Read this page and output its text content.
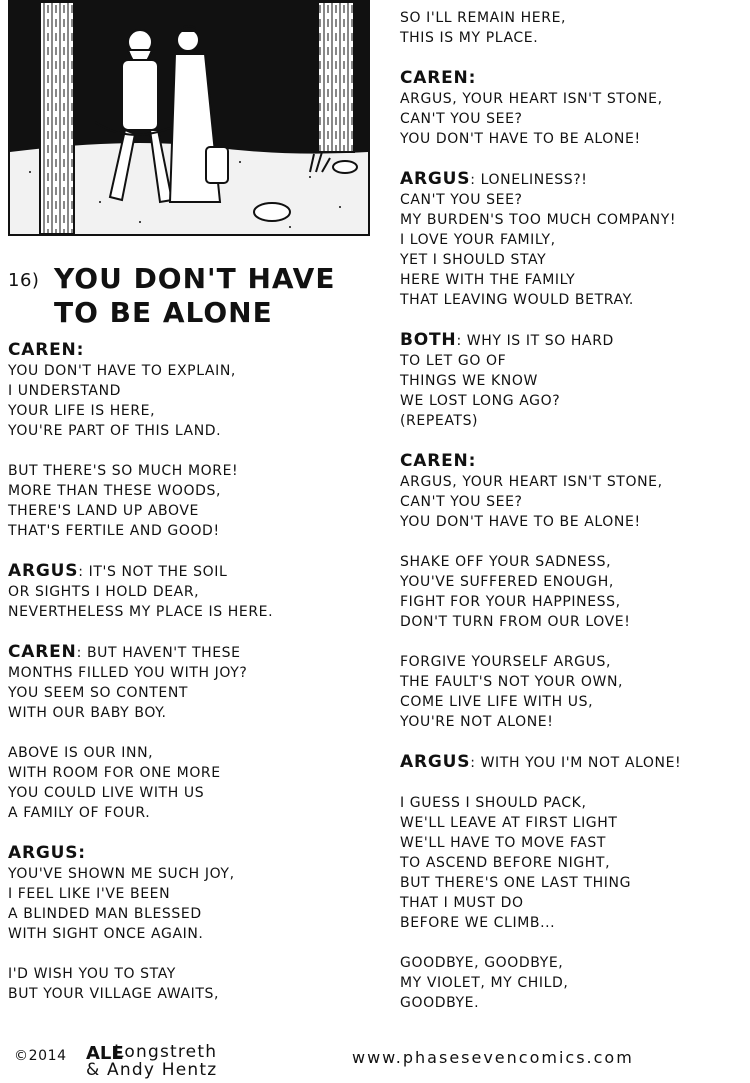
16) YOU DON'T HAVE TO BE ALONE
CAREN:
YOU DON'T HAVE TO EXPLAIN,
I UNDERSTAND
YOUR LIFE IS HERE,
YOU'RE PART OF THIS LAND.
BUT THERE'S SO MUCH MORE!
MORE THAN THESE WOODS,
THERE'S LAND UP ABOVE
THAT'S FERTILE AND GOOD!
ARGUS: IT'S NOT THE SOIL
OR SIGHTS I HOLD DEAR,
NEVERTHELESS MY PLACE IS HERE.
CAREN: BUT HAVEN'T THESE
MONTHS FILLED YOU WITH JOY?
YOU SEEM SO CONTENT
WITH OUR BABY BOY.
ABOVE IS OUR INN,
WITH ROOM FOR ONE MORE
YOU COULD LIVE WITH US
A FAMILY OF FOUR.
ARGUS:
YOU'VE SHOWN ME SUCH JOY,
I FEEL LIKE I'VE BEEN
A BLINDED MAN BLESSED
WITH SIGHT ONCE AGAIN.
I'D WISH YOU TO STAY
BUT YOUR VILLAGE AWAITS,
SO I'LL REMAIN HERE,
THIS IS MY PLACE.
CAREN:
ARGUS, YOUR HEART ISN'T STONE,
CAN'T YOU SEE?
YOU DON'T HAVE TO BE ALONE!
ARGUS: LONELINESS?!
CAN'T YOU SEE?
MY BURDEN'S TOO MUCH COMPANY!
I LOVE YOUR FAMILY,
YET I SHOULD STAY
HERE WITH THE FAMILY
THAT LEAVING WOULD BETRAY.
BOTH: WHY IS IT SO HARD
TO LET GO OF
THINGS WE KNOW
WE LOST LONG AGO?
(REPEATS)
CAREN:
ARGUS, YOUR HEART ISN'T STONE,
CAN'T YOU SEE?
YOU DON'T HAVE TO BE ALONE!
SHAKE OFF YOUR SADNESS,
YOU'VE SUFFERED ENOUGH,
FIGHT FOR YOUR HAPPINESS,
DON'T TURN FROM OUR LOVE!
FORGIVE YOURSELF ARGUS,
THE FAULT'S NOT YOUR OWN,
COME LIVE LIFE WITH US,
YOU'RE NOT ALONE!
ARGUS: WITH YOU I'M NOT ALONE!
I GUESS I SHOULD PACK,
WE'LL LEAVE AT FIRST LIGHT
WE'LL HAVE TO MOVE FAST
TO ASCEND BEFORE NIGHT,
BUT THERE'S ONE LAST THING
THAT I MUST DO
BEFORE WE CLIMB...
GOODBYE, GOODBYE,
MY VIOLET, MY CHILD,
GOODBYE.
©2014 ALE
Longstreth
& Andy Hentz
www.phasesevencomics.com
